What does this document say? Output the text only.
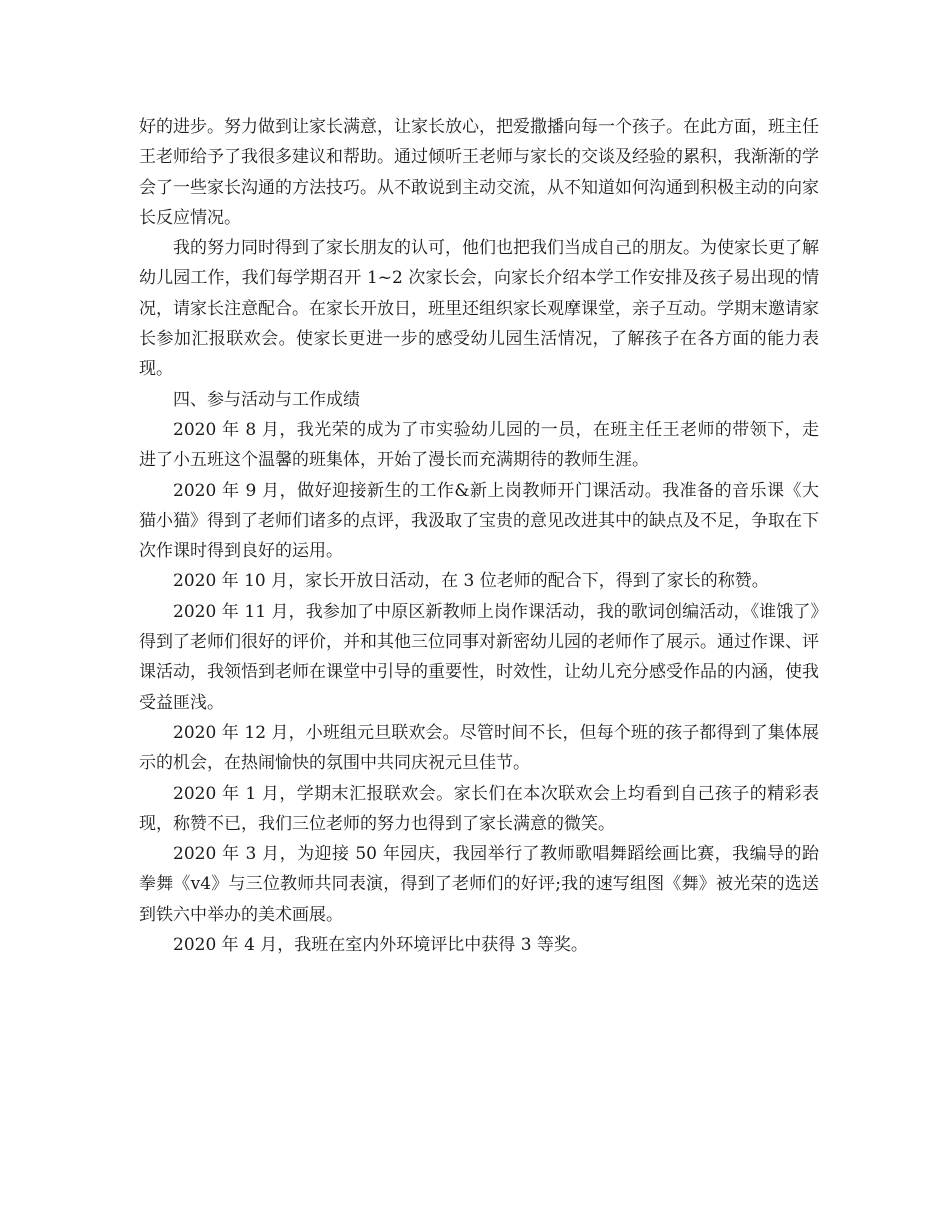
好的进步。努力做到让家长满意，让家长放心，把爱撒播向每一个孩子。在此方面，班主任王老师给予了我很多建议和帮助。通过倾听王老师与家长的交谈及经验的累积，我渐渐的学会了一些家长沟通的方法技巧。从不敢说到主动交流，从不知道如何沟通到积极主动的向家长反应情况。

我的努力同时得到了家长朋友的认可，他们也把我们当成自己的朋友。为使家长更了解幼儿园工作，我们每学期召开 1~2 次家长会，向家长介绍本学工作安排及孩子易出现的情况，请家长注意配合。在家长开放日，班里还组织家长观摩课堂，亲子互动。学期末邀请家长参加汇报联欢会。使家长更进一步的感受幼儿园生活情况，了解孩子在各方面的能力表现。

四、参与活动与工作成绩

2020 年 8 月，我光荣的成为了市实验幼儿园的一员，在班主任王老师的带领下，走进了小五班这个温馨的班集体，开始了漫长而充满期待的教师生涯。

2020 年 9 月，做好迎接新生的工作&新上岗教师开门课活动。我准备的音乐课《大猫小猫》得到了老师们诸多的点评，我汲取了宝贵的意见改进其中的缺点及不足，争取在下次作课时得到良好的运用。

2020 年 10 月，家长开放日活动，在 3 位老师的配合下，得到了家长的称赞。

2020 年 11 月，我参加了中原区新教师上岗作课活动，我的歌词创编活动，《谁饿了》得到了老师们很好的评价，并和其他三位同事对新密幼儿园的老师作了展示。通过作课、评课活动，我领悟到老师在课堂中引导的重要性，时效性，让幼儿充分感受作品的内涵，使我受益匪浅。

2020 年 12 月，小班组元旦联欢会。尽管时间不长，但每个班的孩子都得到了集体展示的机会，在热闹愉快的氛围中共同庆祝元旦佳节。

2020 年 1 月，学期末汇报联欢会。家长们在本次联欢会上均看到自己孩子的精彩表现，称赞不已，我们三位老师的努力也得到了家长满意的微笑。

2020 年 3 月，为迎接 50 年园庆，我园举行了教师歌唱舞蹈绘画比赛，我编导的跆拳舞《v4》与三位教师共同表演，得到了老师们的好评;我的速写组图《舞》被光荣的选送到铁六中举办的美术画展。

2020 年 4 月，我班在室内外环境评比中获得 3 等奖。
